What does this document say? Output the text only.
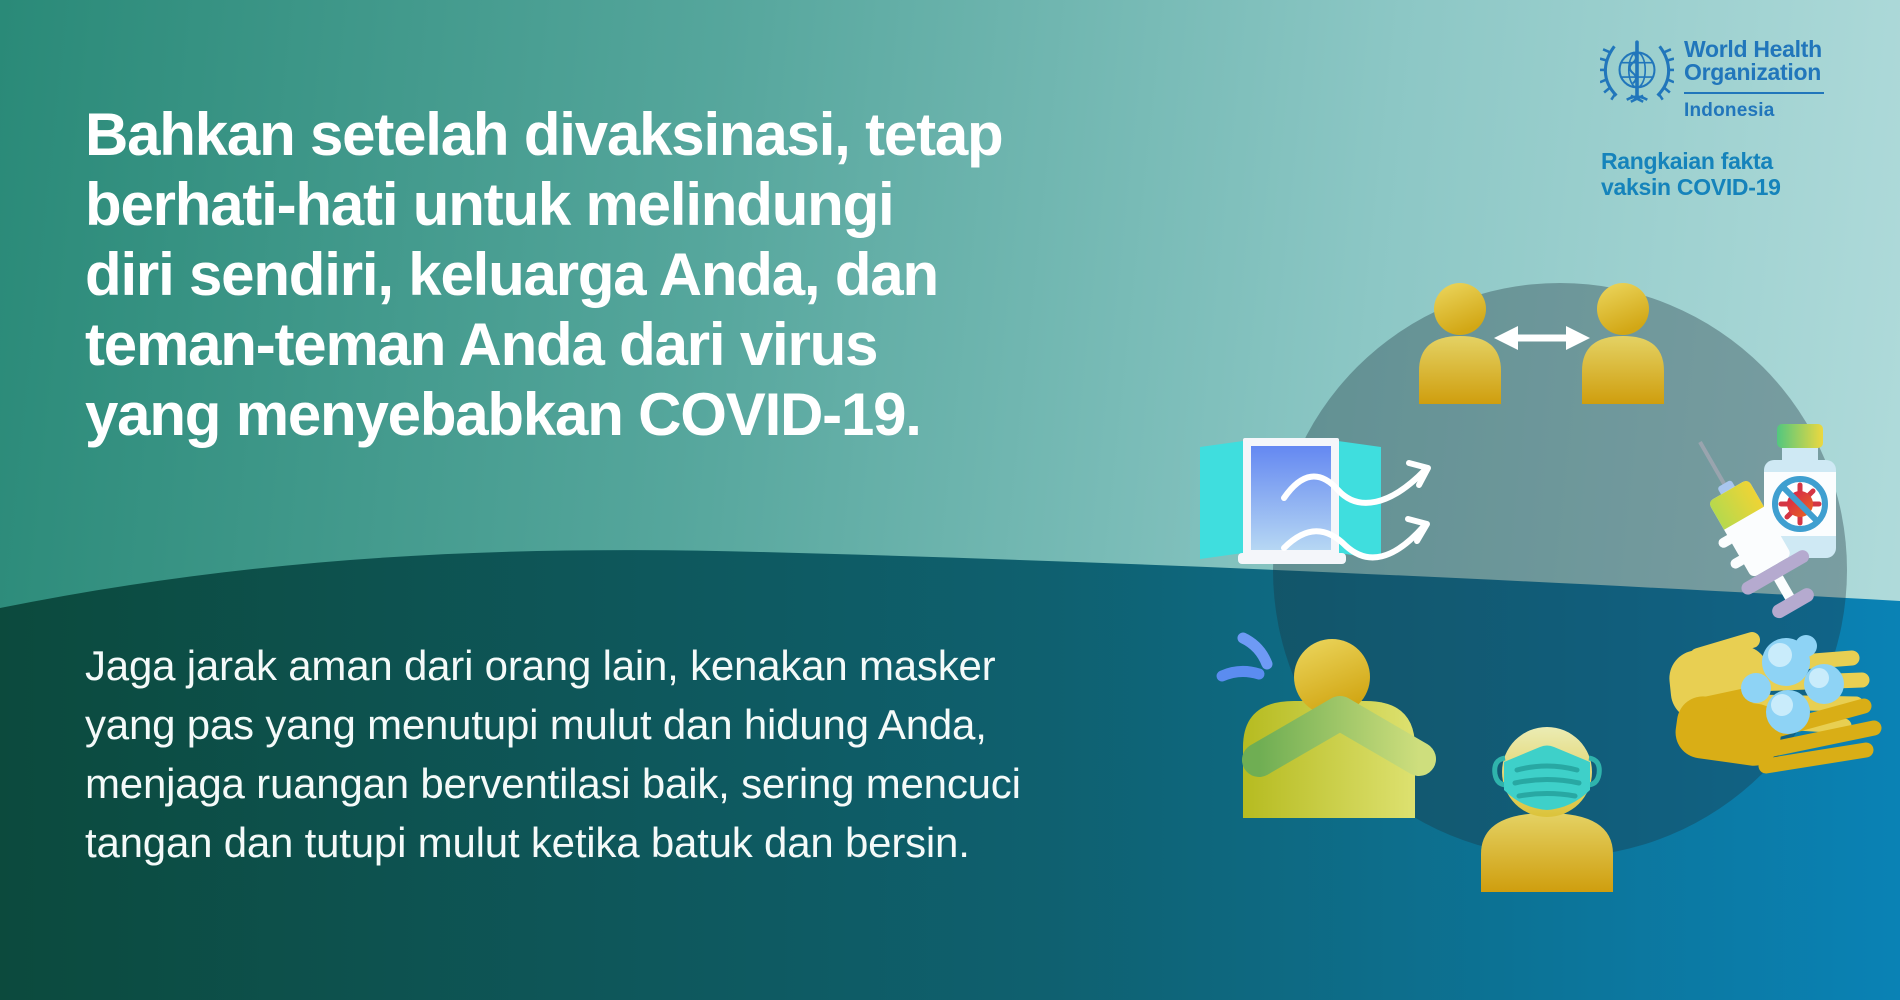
Bahkan setelah divaksinasi, tetap
berhati-hati untuk melindungi
diri sendiri, keluarga Anda, dan
teman-teman Anda dari virus
yang menyebabkan COVID-19.
Jaga jarak aman dari orang lain, kenakan masker
yang pas yang menutupi mulut dan hidung Anda,
menjaga ruangan berventilasi baik, sering mencuci
tangan dan tutupi mulut ketika batuk dan bersin.
World Health
Organization
Indonesia
Rangkaian fakta
vaksin COVID-19
